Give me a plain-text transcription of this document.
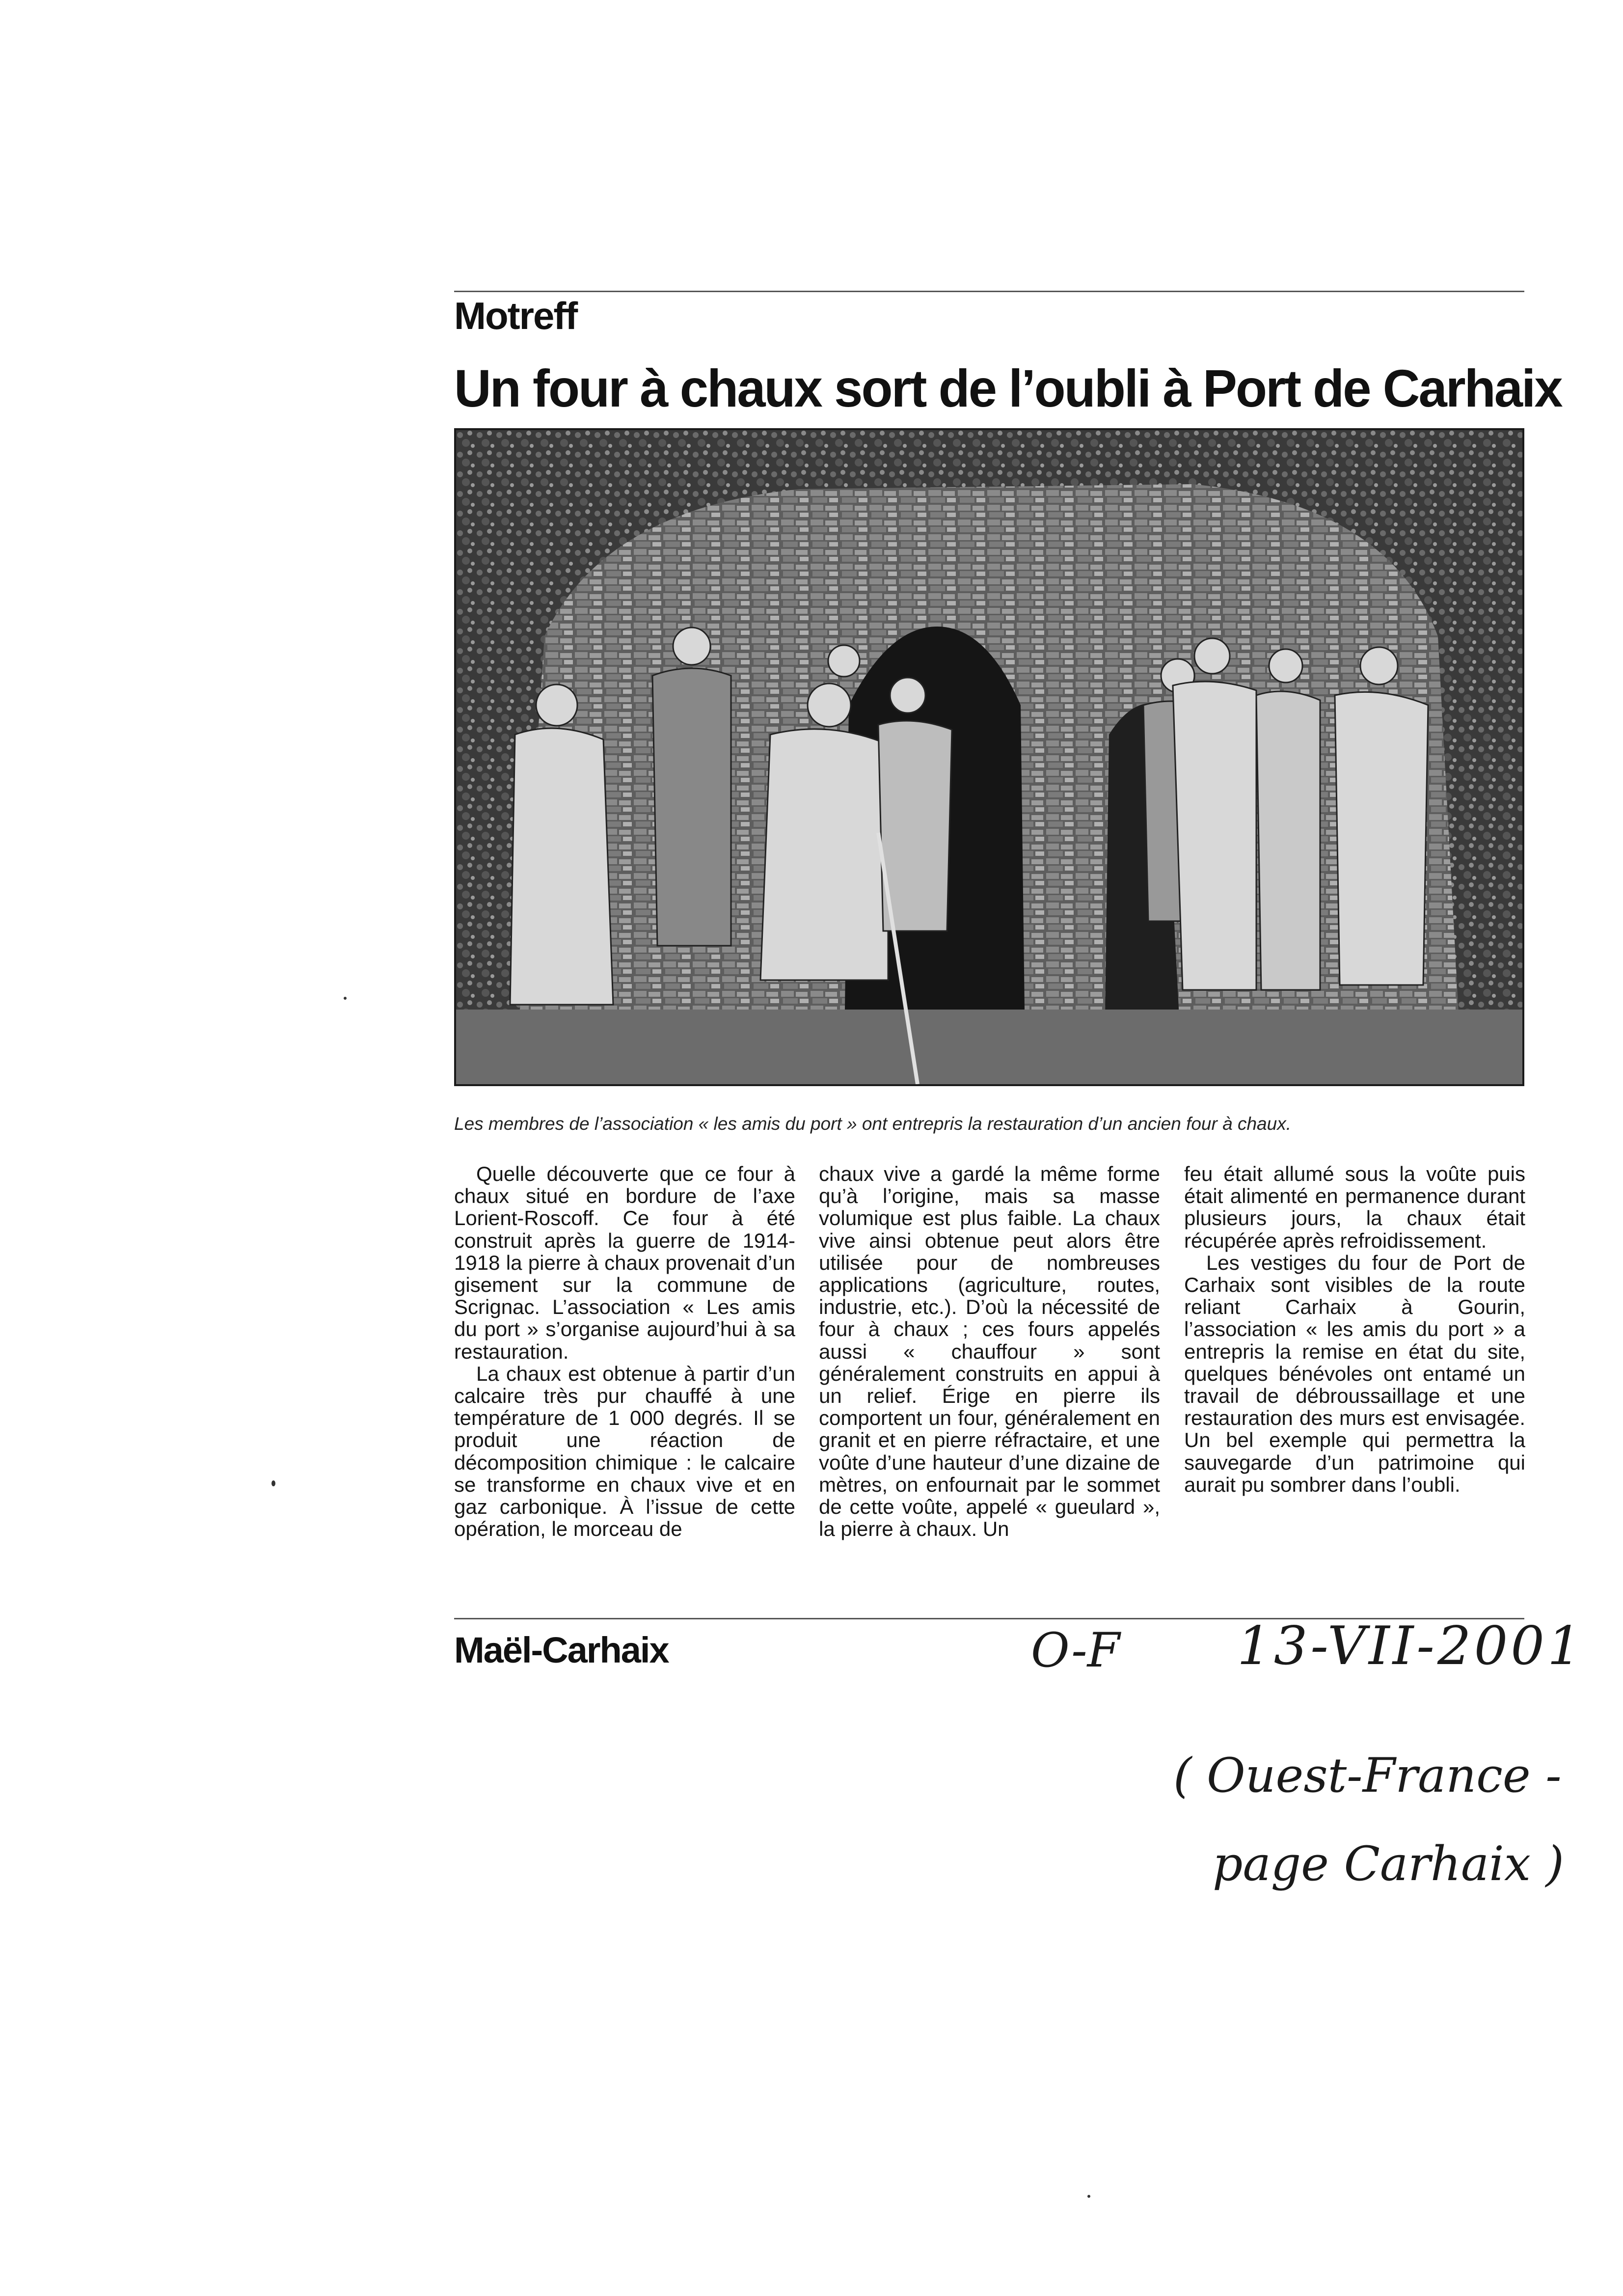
Motreff
Un four à chaux sort de l’oubli à Port de Carhaix
Les membres de l’association « les amis du port » ont entrepris la restauration d’un ancien four à chaux.

Quelle découverte que ce four à chaux situé en bordure de l’axe Lorient-Roscoff. Ce four à été construit après la guerre de 1914-1918 la pierre à chaux provenait d’un gisement sur la commune de Scrignac. L’association « Les amis du port » s’organise aujourd’hui à sa restauration.

La chaux est obtenue à partir d’un calcaire très pur chauffé à une température de 1 000 degrés. Il se produit une réaction de décomposition chimique : le calcaire se transforme en chaux vive et en gaz carbonique. À l’issue de cette opération, le morceau de

chaux vive a gardé la même forme qu’à l’origine, mais sa masse volumique est plus faible. La chaux vive ainsi obtenue peut alors être utilisée pour de nombreuses applications (agriculture, routes, industrie, etc.). D’où la nécessité de four à chaux ; ces fours appelés aussi « chauffour » sont généralement construits en appui à un relief. Érige en pierre ils comportent un four, généralement en granit et en pierre réfractaire, et une voûte d’une hauteur d’une dizaine de mètres, on enfournait par le sommet de cette voûte, appelé « gueulard », la pierre à chaux. Un

feu était allumé sous la voûte puis était alimenté en permanence durant plusieurs jours, la chaux était récupérée après refroidissement.

Les vestiges du four de Port de Carhaix sont visibles de la route reliant Carhaix à Gourin, l’association « les amis du port » a entrepris la remise en état du site, quelques bénévoles ont entamé un travail de débroussaillage et une restauration des murs est envisagée. Un bel exemple qui permettra la sauvegarde d’un patrimoine qui aurait pu sombrer dans l’oubli.

Maël-Carhaix	O-F 13-VII-2001
( Ouest-France -
page Carhaix )
